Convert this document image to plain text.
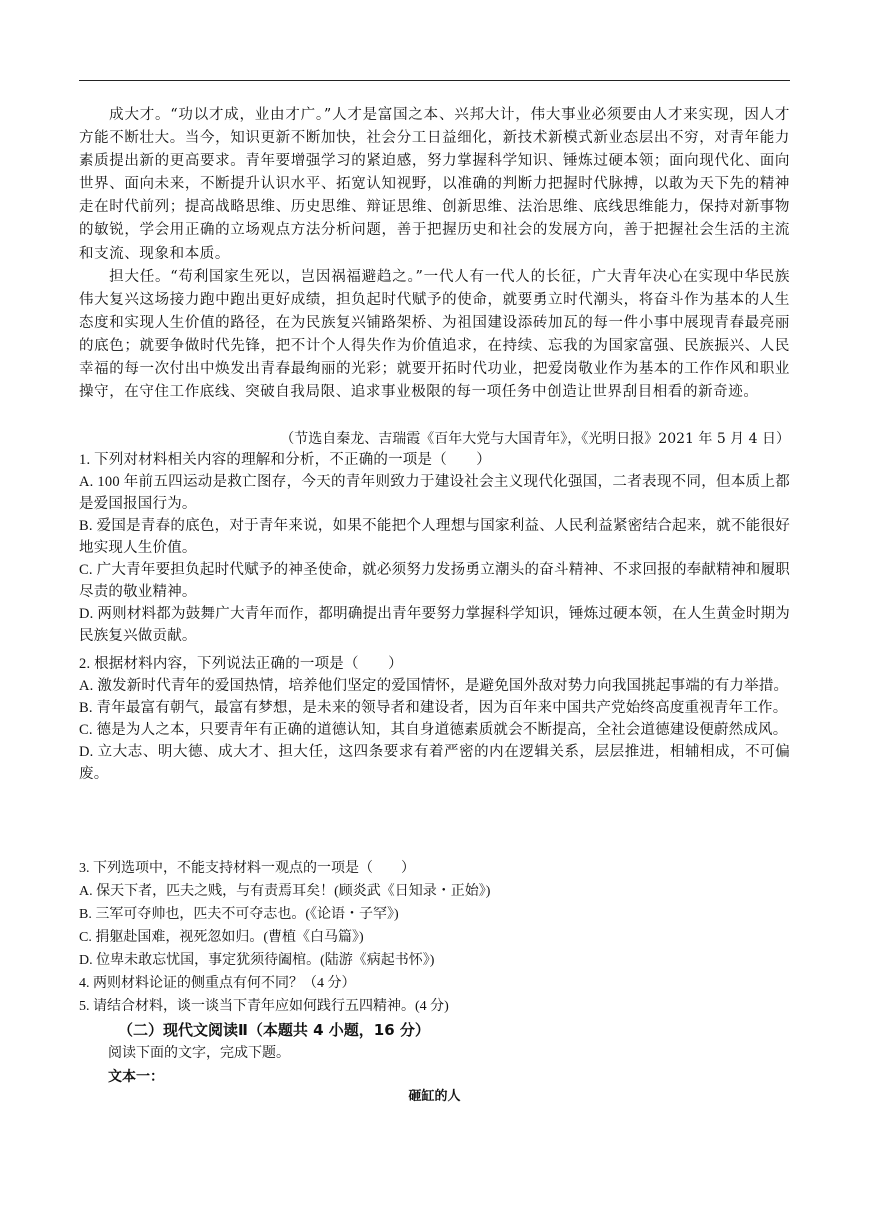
成大才。“功以才成，业由才广。”人才是富国之本、兴邦大计，伟大事业必须要由人才来实现，因人才方能不断壮大。当今，知识更新不断加快，社会分工日益细化，新技术新模式新业态层出不穷，对青年能力素质提出新的更高要求。青年要增强学习的紧迫感，努力掌握科学知识、锤炼过硬本领；面向现代化、面向世界、面向未来，不断提升认识水平、拓宽认知视野，以准确的判断力把握时代脉搏，以敢为天下先的精神走在时代前列；提高战略思维、历史思维、辩证思维、创新思维、法治思维、底线思维能力，保持对新事物的敏锐，学会用正确的立场观点方法分析问题，善于把握历史和社会的发展方向，善于把握社会生活的主流和支流、现象和本质。
担大任。“苟利国家生死以，岂因祸福避趋之。”一代人有一代人的长征，广大青年决心在实现中华民族伟大复兴这场接力跑中跑出更好成绩，担负起时代赋予的使命，就要勇立时代潮头，将奋斗作为基本的人生态度和实现人生价值的路径，在为民族复兴铺路架桥、为祖国建设添砖加瓦的每一件小事中展现青春最亮丽的底色；就要争做时代先锋，把不计个人得失作为价值追求，在持续、忘我的为国家富强、民族振兴、人民幸福的每一次付出中焕发出青春最绚丽的光彩；就要开拓时代功业，把爱岗敬业作为基本的工作作风和职业操守，在守住工作底线、突破自我局限、追求事业极限的每一项任务中创造让世界刮目相看的新奇迹。
（节选自秦龙、吉瑞霞《百年大党与大国青年》，《光明日报》2021 年 5 月 4 日）
1. 下列对材料相关内容的理解和分析，不正确的一项是（　　）
A. 100 年前五四运动是救亡图存，今天的青年则致力于建设社会主义现代化强国，二者表现不同，但本质上都是爱国报国行为。
B. 爱国是青春的底色，对于青年来说，如果不能把个人理想与国家利益、人民利益紧密结合起来，就不能很好地实现人生价值。
C. 广大青年要担负起时代赋予的神圣使命，就必须努力发扬勇立潮头的奋斗精神、不求回报的奉献精神和履职尽责的敬业精神。
D. 两则材料都为鼓舞广大青年而作，都明确提出青年要努力掌握科学知识，锤炼过硬本领，在人生黄金时期为民族复兴做贡献。
2. 根据材料内容，下列说法正确的一项是（　　）
A. 激发新时代青年的爱国热情，培养他们坚定的爱国情怀，是避免国外敌对势力向我国挑起事端的有力举措。
B. 青年最富有朝气，最富有梦想，是未来的领导者和建设者，因为百年来中国共产党始终高度重视青年工作。
C. 德是为人之本，只要青年有正确的道德认知，其自身道德素质就会不断提高，全社会道德建设便蔚然成风。
D. 立大志、明大德、成大才、担大任，这四条要求有着严密的内在逻辑关系，层层推进，相辅相成，不可偏废。
3. 下列选项中，不能支持材料一观点的一项是（　　）
A. 保天下者，匹夫之贱，与有责焉耳矣！(顾炎武《日知录・正始》)
B. 三军可夺帅也，匹夫不可夺志也。(《论语・子罕》)
C. 捐躯赴国难，视死忽如归。(曹植《白马篇》)
D. 位卑未敢忘忧国，事定犹须待阖棺。(陆游《病起书怀》)
4. 两则材料论证的侧重点有何不同？（4 分）
5. 请结合材料，谈一谈当下青年应如何践行五四精神。(4 分)
（二）现代文阅读Ⅱ（本题共 4 小题，16 分）
阅读下面的文字，完成下题。
文本一：
砸缸的人
